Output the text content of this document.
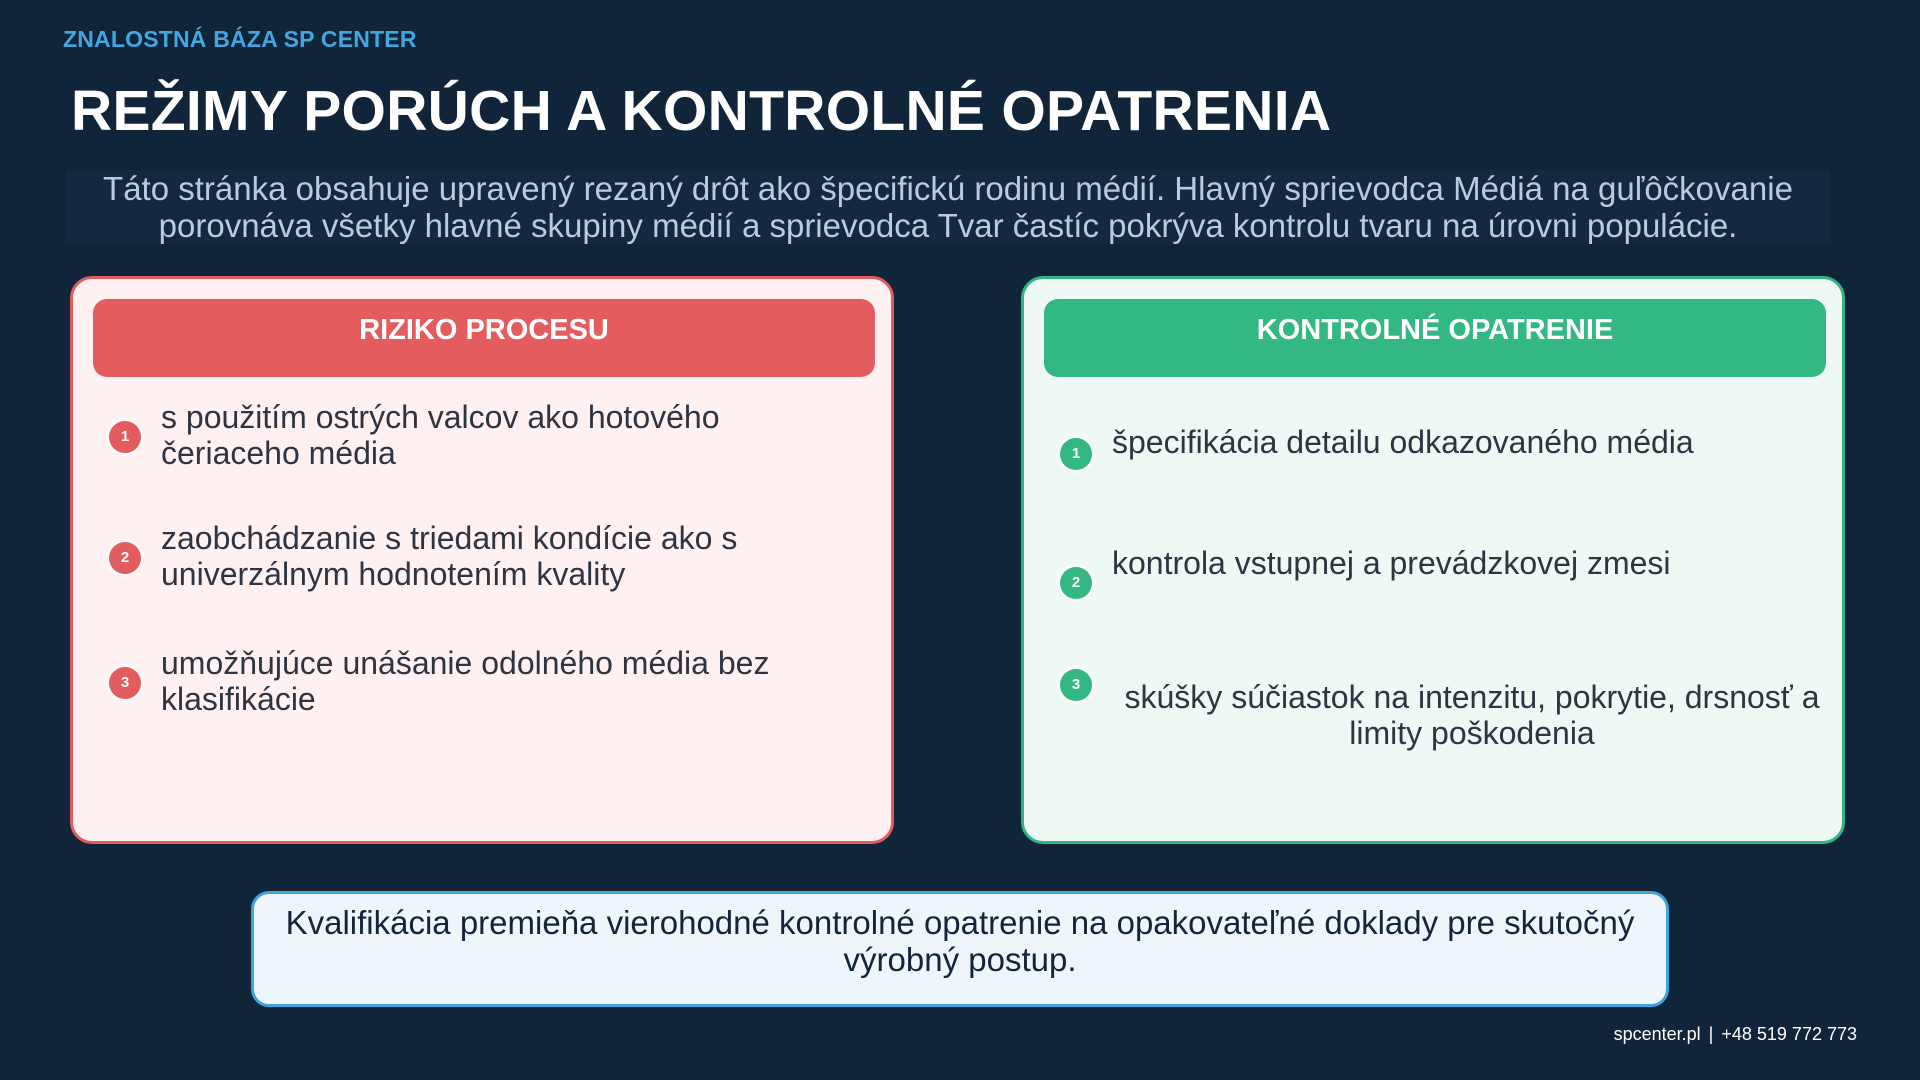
ZNALOSTNÁ BÁZA SP CENTER
REŽIMY PORÚCH A KONTROLNÉ OPATRENIA
Táto stránka obsahuje upravený rezaný drôt ako špecifickú rodinu médií. Hlavný sprievodca Médiá na guľôčkovanie porovnáva všetky hlavné skupiny médií a sprievodca Tvar častíc pokrýva kontrolu tvaru na úrovni populácie.
RIZIKO PROCESU
1
s použitím ostrých valcov ako hotového čeriaceho média
2
zaobchádzanie s triedami kondície ako s univerzálnym hodnotením kvality
3
umožňujúce unášanie odolného média bez klasifikácie
KONTROLNÉ OPATRENIE
1 špecifikácia detailu odkazovaného média
2
kontrola vstupnej a prevádzkovej zmesi
3	skúšky súčiastok na intenzitu, pokrytie, drsnosť a limity poškodenia
Kvalifikácia premieňa vierohodné kontrolné opatrenie na opakovateľné doklady pre skutočný výrobný postup.
spcenter.pl | +48 519 772 773
